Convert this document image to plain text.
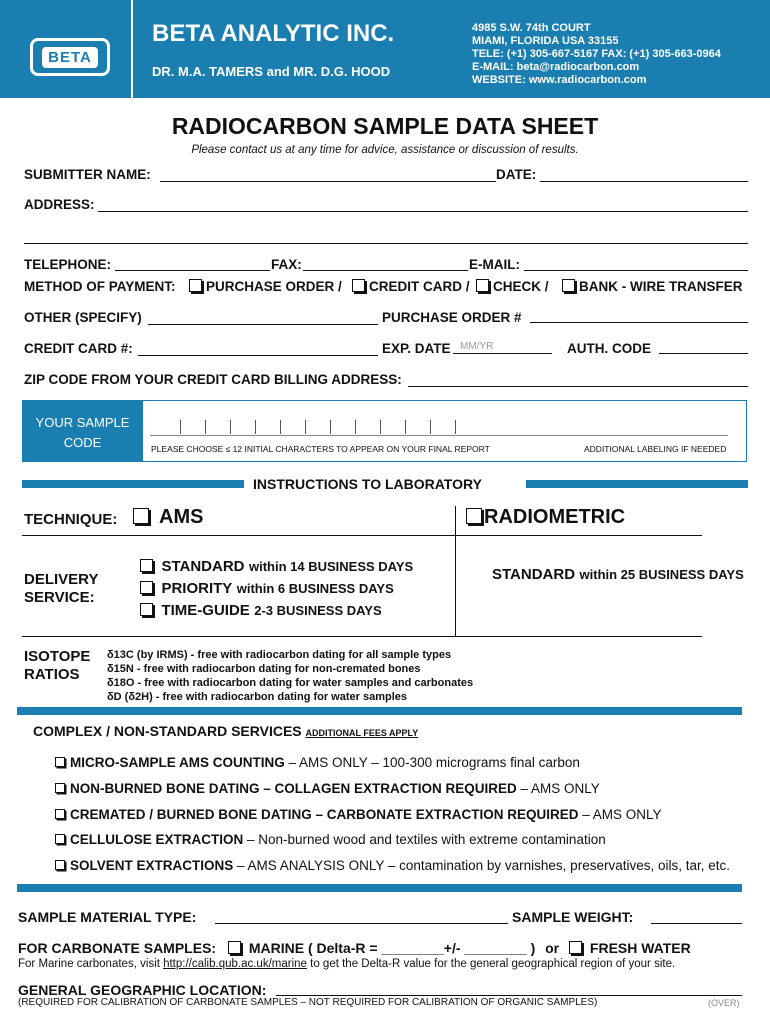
BETA
BETA ANALYTIC INC.
DR. M.A. TAMERS and MR. D.G. HOOD
4985 S.W. 74th COURT
MIAMI, FLORIDA USA 33155
TELE: (+1) 305-667-5167 FAX: (+1) 305-663-0964
E-MAIL: beta@radiocarbon.com
WEBSITE: www.radiocarbon.com
RADIOCARBON SAMPLE DATA SHEET
Please contact us at any time for advice, assistance or discussion of results.
SUBMITTER NAME:	DATE:
ADDRESS:
TELEPHONE:	FAX:	E-MAIL:
METHOD OF PAYMENT:	PURCHASE ORDER /	CREDIT CARD /	CHECK /	BANK - WIRE TRANSFER
OTHER (SPECIFY)	PURCHASE ORDER #
CREDIT CARD #:	EXP. DATE MM/YR	AUTH. CODE
ZIP CODE FROM YOUR CREDIT CARD BILLING ADDRESS:
YOUR SAMPLE
CODE	PLEASE CHOOSE ≤ 12 INITIAL CHARACTERS TO APPEAR ON YOUR FINAL REPORT	ADDITIONAL LABELING IF NEEDED
INSTRUCTIONS TO LABORATORY
TECHNIQUE:	AMS	RADIOMETRIC
DELIVERY
SERVICE:
STANDARD within 14 BUSINESS DAYS
PRIORITY within 6 BUSINESS DAYS
TIME-GUIDE 2-3 BUSINESS DAYS
STANDARD within 25 BUSINESS DAYS
ISOTOPE
RATIOS
δ13C (by IRMS) - free with radiocarbon dating for all sample types
δ15N - free with radiocarbon dating for non-cremated bones
δ18O - free with radiocarbon dating for water samples and carbonates
δD (δ2H) - free with radiocarbon dating for water samples
COMPLEX / NON-STANDARD SERVICES ADDITIONAL FEES APPLY
MICRO-SAMPLE AMS COUNTING – AMS ONLY – 100-300 micrograms final carbon
NON-BURNED BONE DATING – COLLAGEN EXTRACTION REQUIRED – AMS ONLY
CREMATED / BURNED BONE DATING – CARBONATE EXTRACTION REQUIRED – AMS ONLY
CELLULOSE EXTRACTION – Non-burned wood and textiles with extreme contamination
SOLVENT EXTRACTIONS – AMS ANALYSIS ONLY – contamination by varnishes, preservatives, oils, tar, etc.
SAMPLE MATERIAL TYPE:	SAMPLE WEIGHT:
FOR CARBONATE SAMPLES: MARINE ( Delta-R = ________+/- ________ ) or FRESH WATER
For Marine carbonates, visit http://calib.qub.ac.uk/marine to get the Delta-R value for the general geographical region of your site.
GENERAL GEOGRAPHIC LOCATION:
(REQUIRED FOR CALIBRATION OF CARBONATE SAMPLES – NOT REQUIRED FOR CALIBRATION OF ORGANIC SAMPLES)	(OVER)
